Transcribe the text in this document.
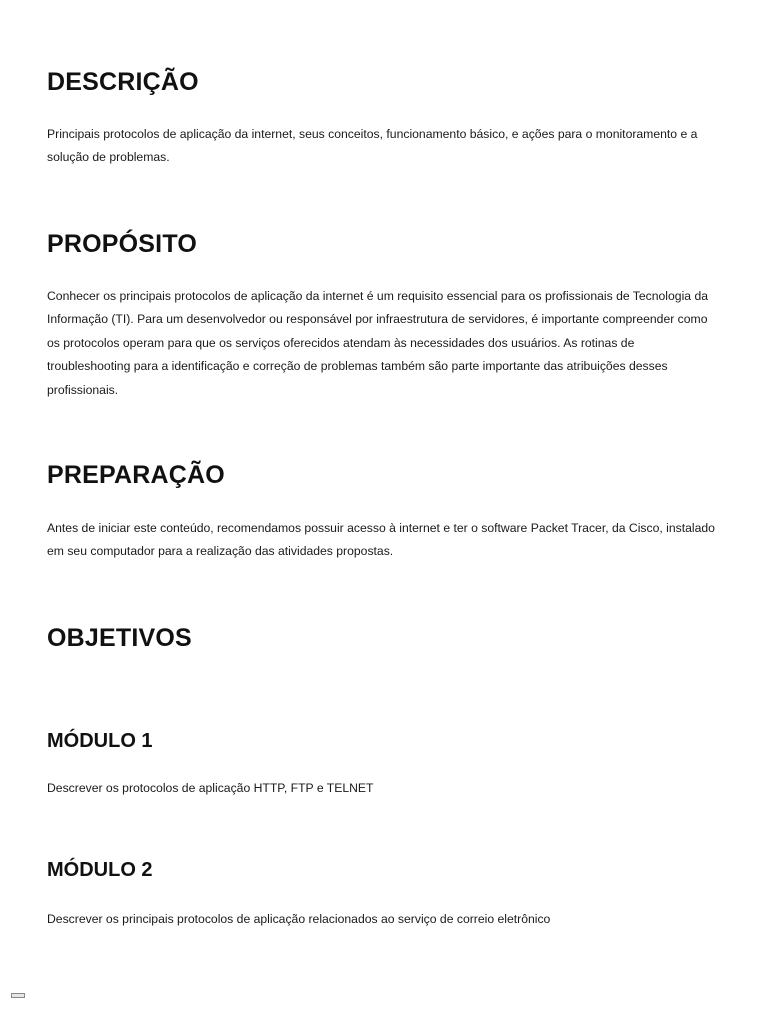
DESCRIÇÃO

Principais protocolos de aplicação da internet, seus conceitos, funcionamento básico, e ações para o monitoramento e a solução de problemas.

PROPÓSITO

Conhecer os principais protocolos de aplicação da internet é um requisito essencial para os profissionais de Tecnologia da Informação (TI). Para um desenvolvedor ou responsável por infraestrutura de servidores, é importante compreender como os protocolos operam para que os serviços oferecidos atendam às necessidades dos usuários. As rotinas de troubleshooting para a identificação e correção de problemas também são parte importante das atribuições desses profissionais.

PREPARAÇÃO

Antes de iniciar este conteúdo, recomendamos possuir acesso à internet e ter o software Packet Tracer, da Cisco, instalado em seu computador para a realização das atividades propostas.

OBJETIVOS
MÓDULO 1

Descrever os protocolos de aplicação HTTP, FTP e TELNET

MÓDULO 2

Descrever os principais protocolos de aplicação relacionados ao serviço de correio eletrônico
